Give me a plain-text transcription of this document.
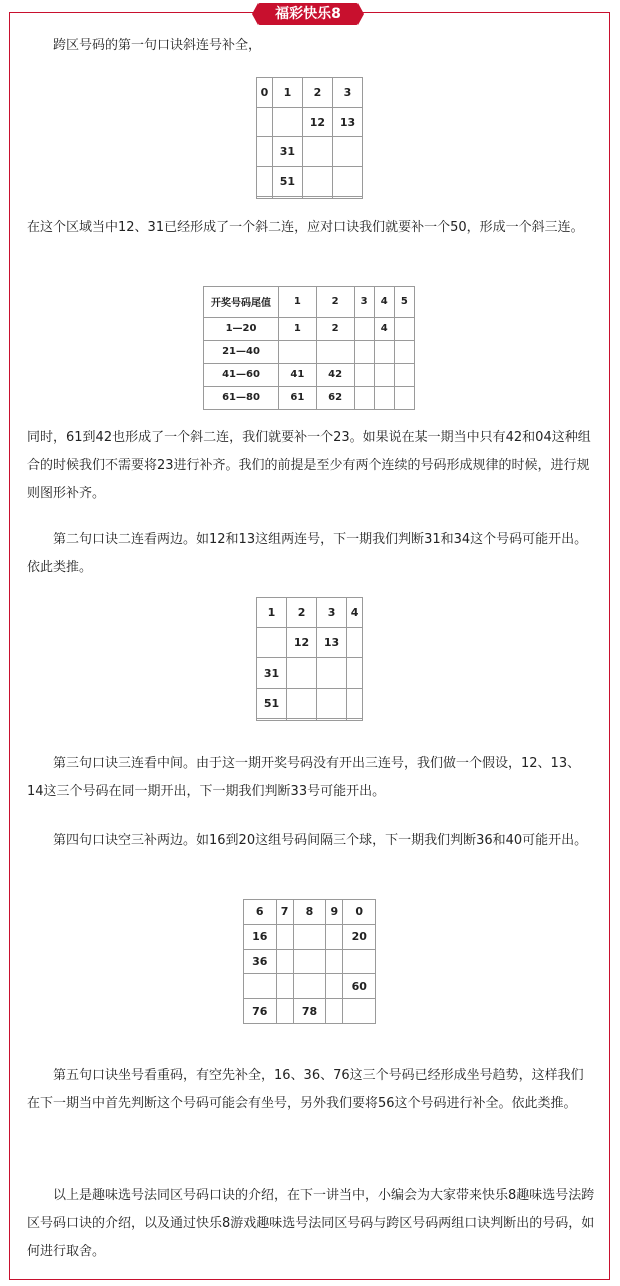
福彩快乐8

跨区号码的第一句口诀斜连号补全，

0	1	2	3
		12	13
	31		
	51		

在这个区域当中12、31已经形成了一个斜二连，应对口诀我们就要补一个50，形成一个斜三连。

开奖号码尾值	1	2	3	4	5
1—20	1	2		4	
21—40					
41—60	41	42			
61—80	61	62			

同时，61到42也形成了一个斜二连，我们就要补一个23。如果说在某一期当中只有42和04这种组合的时候我们不需要将23进行补齐。我们的前提是至少有两个连续的号码形成规律的时候，进行规则图形补齐。

第二句口诀二连看两边。如12和13这组两连号，下一期我们判断31和34这个号码可能开出。依此类推。

1	2	3	4
	12	13	
31			
51			

第三句口诀三连看中间。由于这一期开奖号码没有开出三连号，我们做一个假设，12、13、14这三个号码在同一期开出，下一期我们判断33号可能开出。

第四句口诀空三补两边。如16到20这组号码间隔三个球，下一期我们判断36和40可能开出。

6	7	8	9	0
16				20
36				
				60
76		78		

第五句口诀坐号看重码，有空先补全，16、36、76这三个号码已经形成坐号趋势，这样我们在下一期当中首先判断这个号码可能会有坐号，另外我们要将56这个号码进行补全。依此类推。

以上是趣味选号法同区号码口诀的介绍，在下一讲当中，小编会为大家带来快乐8趣味选号法跨区号码口诀的介绍，以及通过快乐8游戏趣味选号法同区号码与跨区号码两组口诀判断出的号码，如何进行取舍。
